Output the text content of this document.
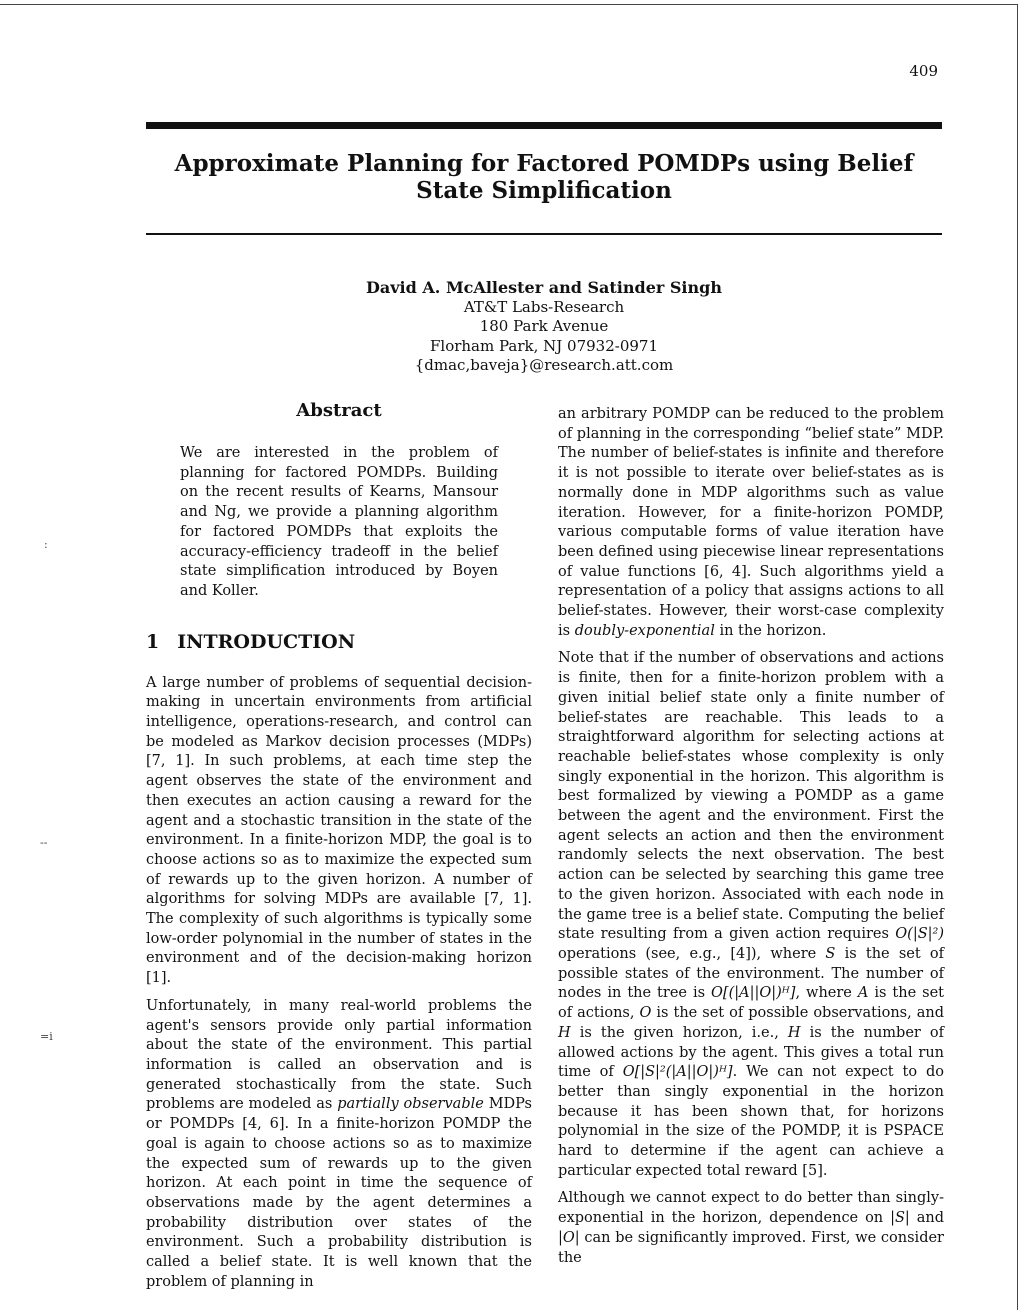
409
Approximate Planning for Factored POMDPs using Belief State Simplification
David A. McAllester and Satinder Singh
AT&T Labs-Research
180 Park Avenue
Florham Park, NJ 07932-0971
{dmac,baveja}@research.att.com
Abstract

We are interested in the problem of planning for factored POMDPs. Building on the recent results of Kearns, Mansour and Ng, we provide a planning algorithm for factored POMDPs that exploits the accuracy-efficiency tradeoff in the belief state simplification introduced by Boyen and Koller.

1 INTRODUCTION

A large number of problems of sequential decision-making in uncertain environments from artificial intelligence, operations-research, and control can be modeled as Markov decision processes (MDPs) [7, 1]. In such problems, at each time step the agent observes the state of the environment and then executes an action causing a reward for the agent and a stochastic transition in the state of the environment. In a finite-horizon MDP, the goal is to choose actions so as to maximize the expected sum of rewards up to the given horizon. A number of algorithms for solving MDPs are available [7, 1]. The complexity of such algorithms is typically some low-order polynomial in the number of states in the environment and of the decision-making horizon [1].

Unfortunately, in many real-world problems the agent's sensors provide only partial information about the state of the environment. This partial information is called an observation and is generated stochastically from the state. Such problems are modeled as partially observable MDPs or POMDPs [4, 6]. In a finite-horizon POMDP the goal is again to choose actions so as to maximize the expected sum of rewards up to the given horizon. At each point in time the sequence of observations made by the agent determines a probability distribution over states of the environment. Such a probability distribution is called a belief state. It is well known that the problem of planning in

an arbitrary POMDP can be reduced to the problem of planning in the corresponding “belief state” MDP. The number of belief-states is infinite and therefore it is not possible to iterate over belief-states as is normally done in MDP algorithms such as value iteration. However, for a finite-horizon POMDP, various computable forms of value iteration have been defined using piecewise linear representations of value functions [6, 4]. Such algorithms yield a representation of a policy that assigns actions to all belief-states. However, their worst-case complexity is doubly-exponential in the horizon.

Note that if the number of observations and actions is finite, then for a finite-horizon problem with a given initial belief state only a finite number of belief-states are reachable. This leads to a straightforward algorithm for selecting actions at reachable belief-states whose complexity is only singly exponential in the horizon. This algorithm is best formalized by viewing a POMDP as a game between the agent and the environment. First the agent selects an action and then the environment randomly selects the next observation. The best action can be selected by searching this game tree to the given horizon. Associated with each node in the game tree is a belief state. Computing the belief state resulting from a given action requires O(|S|²) operations (see, e.g., [4]), where S is the set of possible states of the environment. The number of nodes in the tree is O[(|A||O|)ᴴ], where A is the set of actions, O is the set of possible observations, and H is the given horizon, i.e., H is the number of allowed actions by the agent. This gives a total run time of O[|S|²(|A||O|)ᴴ]. We can not expect to do better than singly exponential in the horizon because it has been shown that, for horizons polynomial in the size of the POMDP, it is PSPACE hard to determine if the agent can achieve a particular expected total reward [5].

Although we cannot expect to do better than singly-exponential in the horizon, dependence on |S| and |O| can be significantly improved. First, we consider the

:
--
=i
